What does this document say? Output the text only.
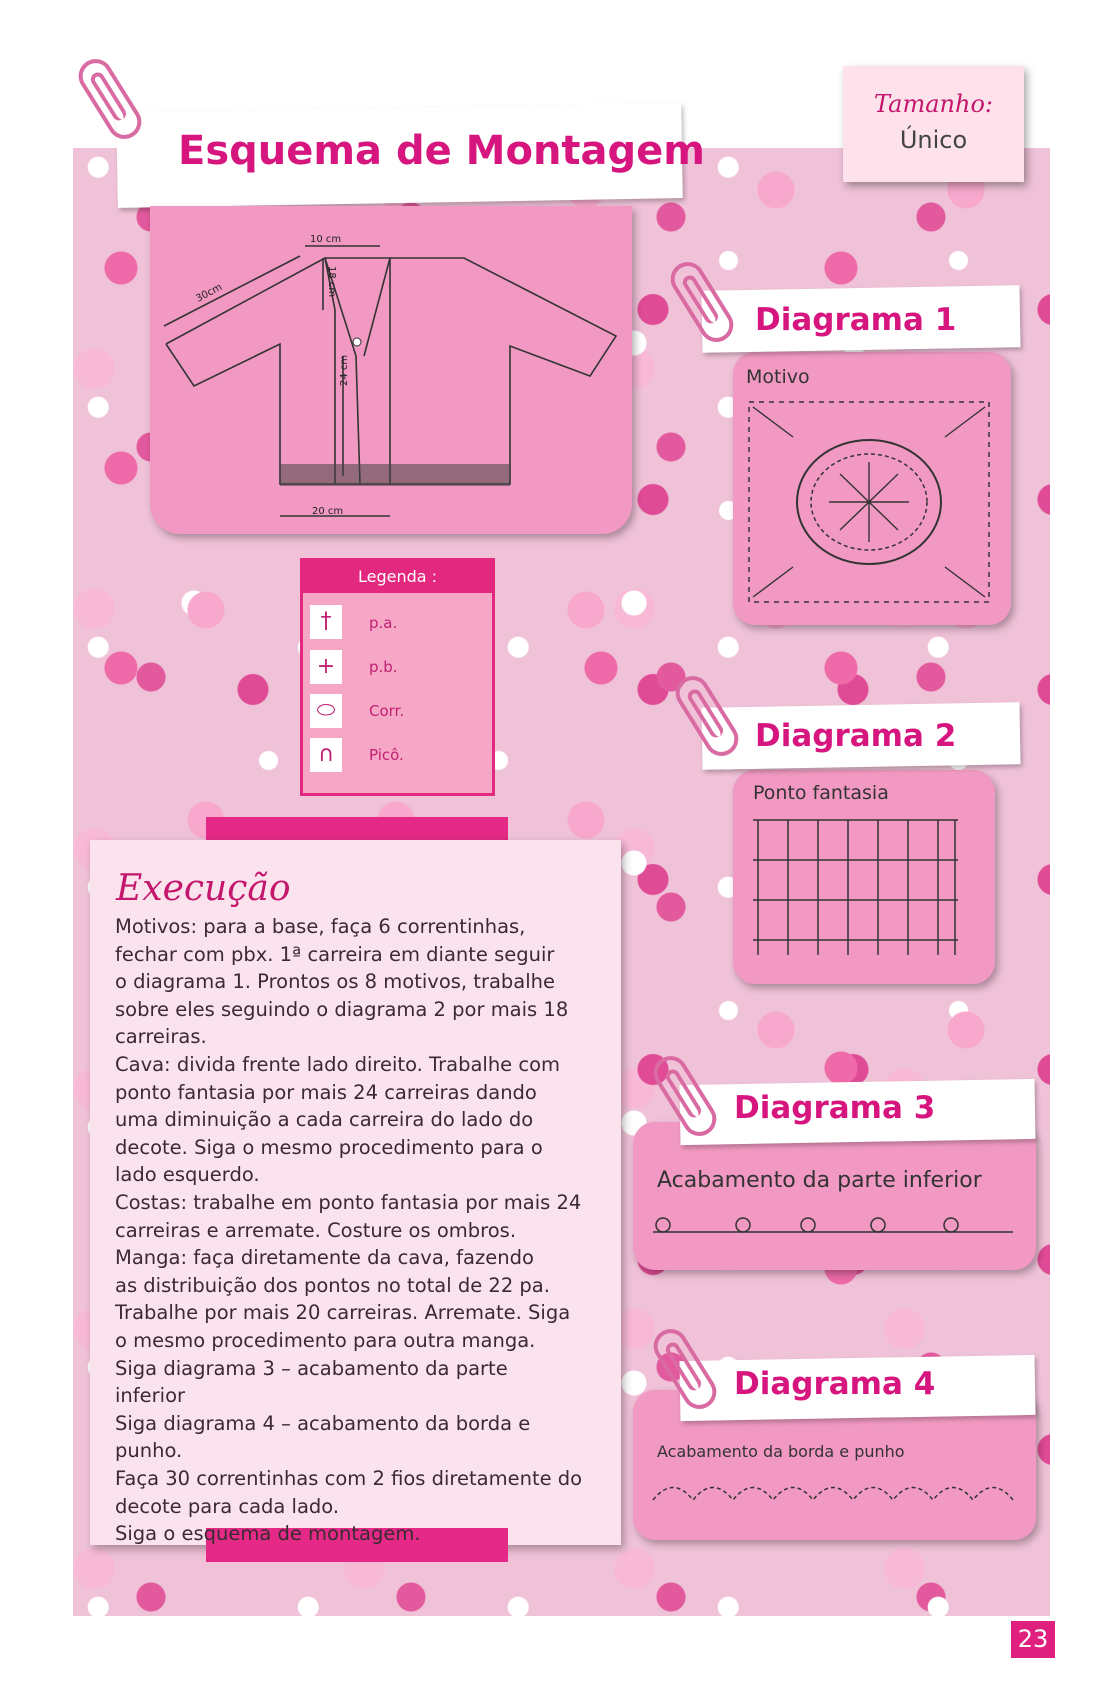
Tamanho:
Único
Esquema de Montagem
10 cm
30cm	18 cm
24 cm
20 cm
Legenda :
†	p.a.
+	p.b.
⬭	Corr.
∩	Picô.
Motivo
Diagrama 1
Ponto fantasia
Diagrama 2
Acabamento da parte inferior
Diagrama 3
Acabamento da borda e punho
Diagrama 4
Execução
Motivos: para a base, faça 6 correntinhas,
fechar com pbx. 1ª carreira em diante seguir
o diagrama 1. Prontos os 8 motivos, trabalhe
sobre eles seguindo o diagrama 2 por mais 18
carreiras.
Cava: divida frente lado direito. Trabalhe com
ponto fantasia por mais 24 carreiras dando
uma diminuição a cada carreira do lado do
decote. Siga o mesmo procedimento para o
lado esquerdo.
Costas: trabalhe em ponto fantasia por mais 24
carreiras e arremate. Costure os ombros.
Manga: faça diretamente da cava, fazendo
as distribuição dos pontos no total de 22 pa.
Trabalhe por mais 20 carreiras. Arremate. Siga
o mesmo procedimento para outra manga.
Siga diagrama 3 – acabamento da parte
inferior
Siga diagrama 4 – acabamento da borda e
punho.
Faça 30 correntinhas com 2 fios diretamente do
decote para cada lado.
Siga o esquema de montagem.
23
